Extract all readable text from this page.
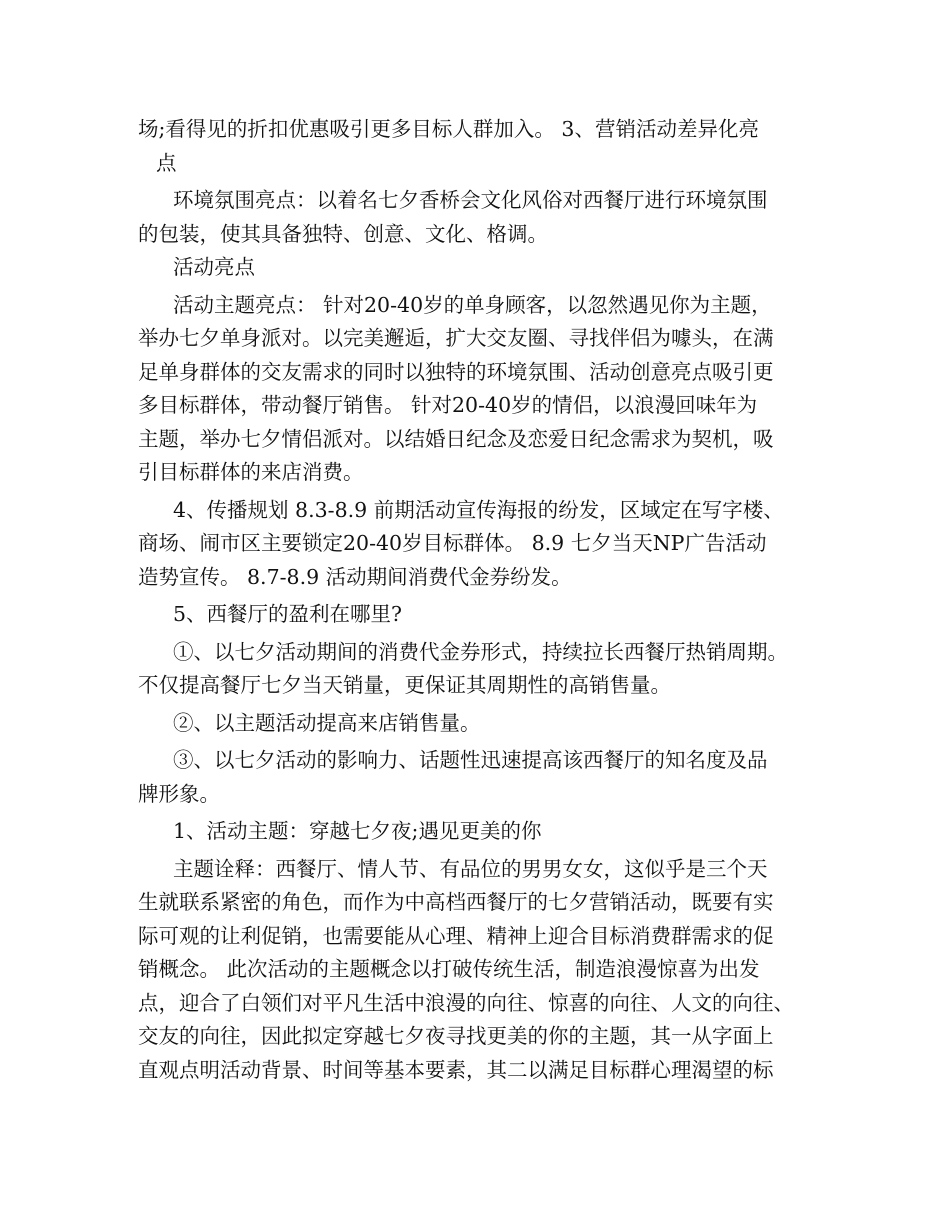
场;看得见的折扣优惠吸引更多目标人群加入。 3、营销活动差异化亮
点
环境氛围亮点：以着名七夕香桥会文化风俗对西餐厅进行环境氛围
的包装，使其具备独特、创意、文化、格调。
活动亮点
活动主题亮点： 针对20-40岁的单身顾客，以忽然遇见你为主题，
举办七夕单身派对。以完美邂逅，扩大交友圈、寻找伴侣为噱头，在满
足单身群体的交友需求的同时以独特的环境氛围、活动创意亮点吸引更
多目标群体，带动餐厅销售。 针对20-40岁的情侣，以浪漫回味年为
主题，举办七夕情侣派对。以结婚日纪念及恋爱日纪念需求为契机，吸
引目标群体的来店消费。
4、传播规划 8.3-8.9 前期活动宣传海报的纷发，区域定在写字楼、
商场、闹市区主要锁定20-40岁目标群体。 8.9 七夕当天NP广告活动
造势宣传。 8.7-8.9 活动期间消费代金券纷发。
5、西餐厅的盈利在哪里?
①、以七夕活动期间的消费代金券形式，持续拉长西餐厅热销周期。
不仅提高餐厅七夕当天销量，更保证其周期性的高销售量。
②、以主题活动提高来店销售量。
③、以七夕活动的影响力、话题性迅速提高该西餐厅的知名度及品
牌形象。
1、活动主题：穿越七夕夜;遇见更美的你
主题诠释：西餐厅、情人节、有品位的男男女女，这似乎是三个天
生就联系紧密的角色，而作为中高档西餐厅的七夕营销活动，既要有实
际可观的让利促销，也需要能从心理、精神上迎合目标消费群需求的促
销概念。 此次活动的主题概念以打破传统生活，制造浪漫惊喜为出发
点，迎合了白领们对平凡生活中浪漫的向往、惊喜的向往、人文的向往、
交友的向往，因此拟定穿越七夕夜寻找更美的你的主题，其一从字面上
直观点明活动背景、时间等基本要素，其二以满足目标群心理渴望的标
